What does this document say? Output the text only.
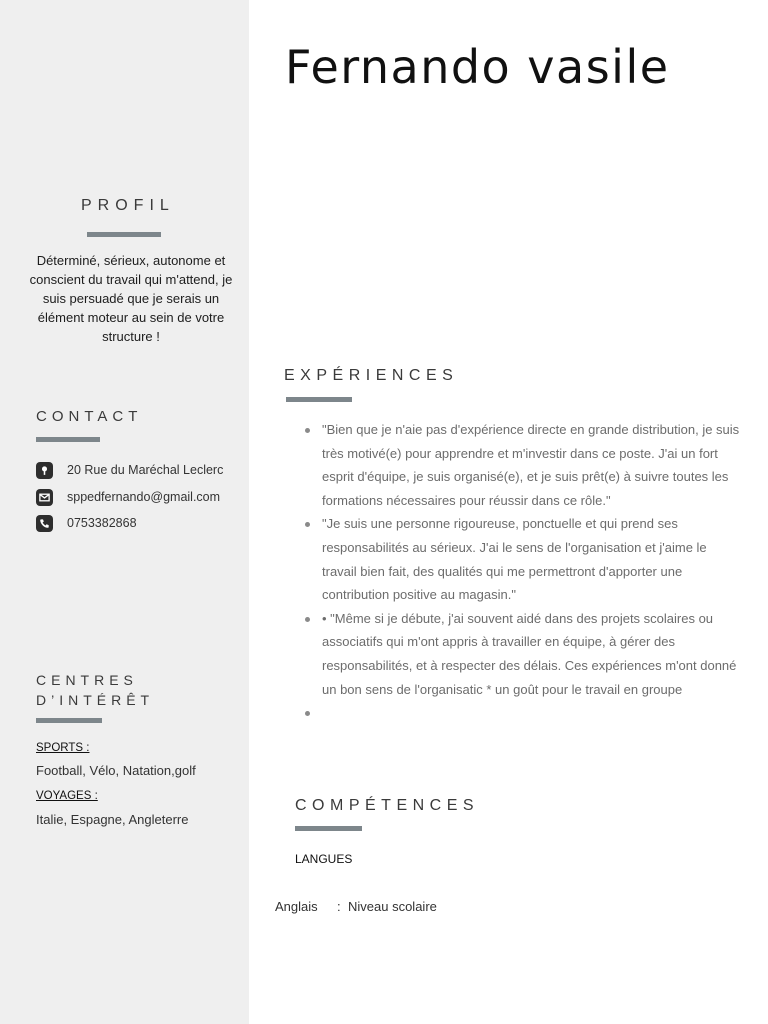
Fernando vasile
PROFIL

Déterminé, sérieux, autonome et conscient du travail qui m'attend, je suis persuadé que je serais un élément moteur au sein de votre structure !

CONTACT
20 Rue du Maréchal Leclerc
sppedfernando@gmail.com
0753382868
CENTRES
D’INTÉRÊT

SPORTS :

Football, Vélo, Natation,golf

VOYAGES :

Italie, Espagne, Angleterre

EXPÉRIENCES
"Bien que je n'aie pas d'expérience directe en grande distribution, je suis très motivé(e) pour apprendre et m'investir dans ce poste. J'ai un fort esprit d'équipe, je suis organisé(e), et je suis prêt(e) à suivre toutes les formations nécessaires pour réussir dans ce rôle."
"Je suis une personne rigoureuse, ponctuelle et qui prend ses responsabilités au sérieux. J'ai le sens de l'organisation et j'aime le travail bien fait, des qualités qui me permettront d'apporter une contribution positive au magasin."
• "Même si je débute, j'ai souvent aidé dans des projets scolaires ou associatifs qui m'ont appris à travailler en équipe, à gérer des responsabilités, et à respecter des délais. Ces expériences m'ont donné un bon sens de l'organisatic * un goût pour le travail en groupe
COMPÉTENCES

LANGUES

Anglais : Niveau scolaire
